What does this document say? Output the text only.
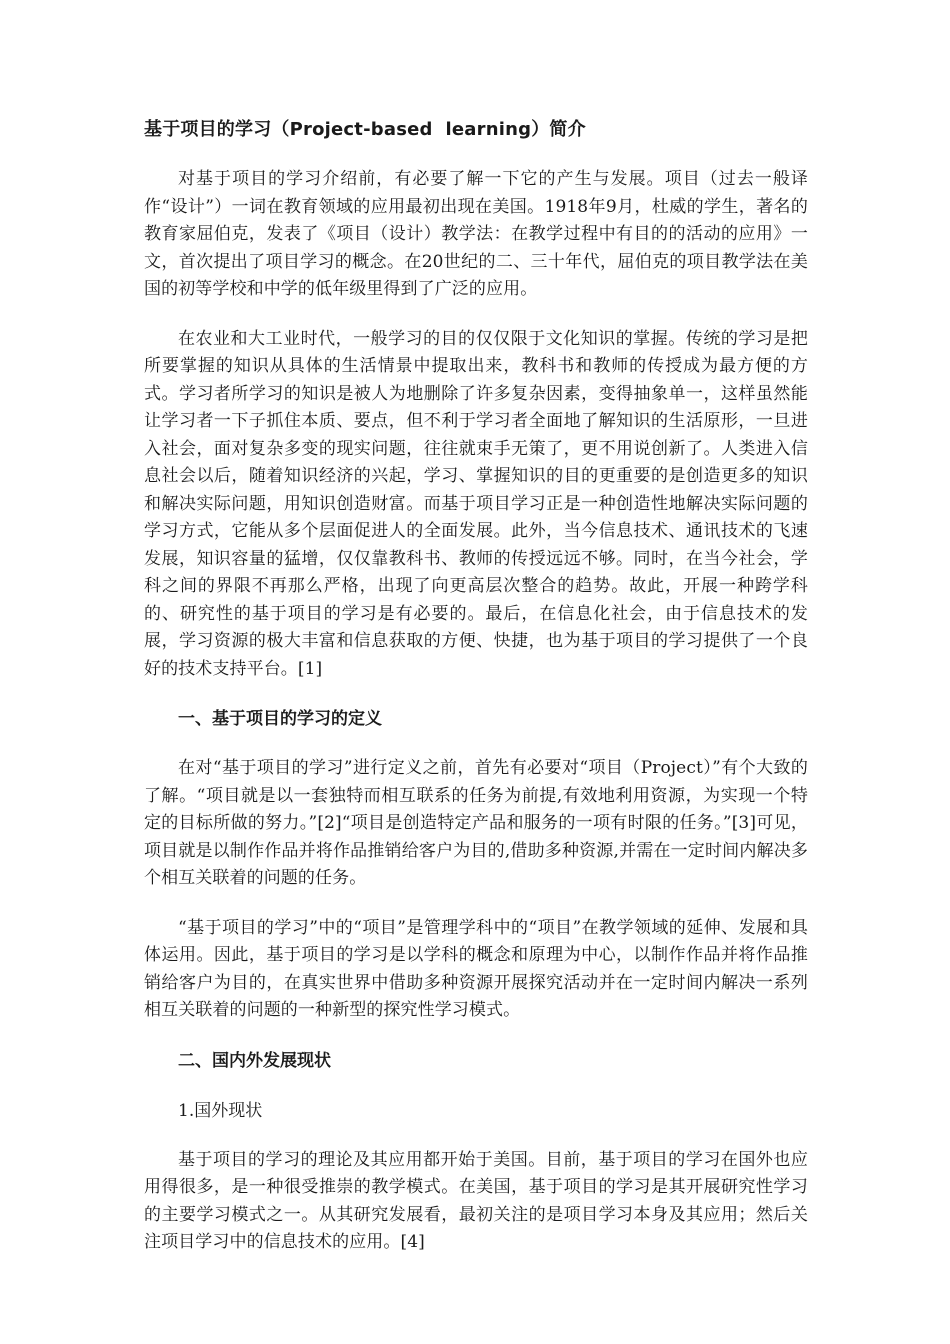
基于项目的学习（Project-based  learning）简介

对基于项目的学习介绍前，有必要了解一下它的产生与发展。项目（过去一般译作“设计”）一词在教育领域的应用最初出现在美国。1918年9月，杜威的学生，著名的教育家屈伯克，发表了《项目（设计）教学法：在教学过程中有目的的活动的应用》一文，首次提出了项目学习的概念。在20世纪的二、三十年代，屈伯克的项目教学法在美国的初等学校和中学的低年级里得到了广泛的应用。

在农业和大工业时代，一般学习的目的仅仅限于文化知识的掌握。传统的学习是把所要掌握的知识从具体的生活情景中提取出来，教科书和教师的传授成为最方便的方式。学习者所学习的知识是被人为地删除了许多复杂因素，变得抽象单一，这样虽然能让学习者一下子抓住本质、要点，但不利于学习者全面地了解知识的生活原形，一旦进入社会，面对复杂多变的现实问题，往往就束手无策了，更不用说创新了。人类进入信息社会以后，随着知识经济的兴起，学习、掌握知识的目的更重要的是创造更多的知识和解决实际问题，用知识创造财富。而基于项目学习正是一种创造性地解决实际问题的学习方式，它能从多个层面促进人的全面发展。此外，当今信息技术、通讯技术的飞速发展，知识容量的猛增，仅仅靠教科书、教师的传授远远不够。同时，在当今社会，学科之间的界限不再那么严格，出现了向更高层次整合的趋势。故此，开展一种跨学科的、研究性的基于项目的学习是有必要的。最后，在信息化社会，由于信息技术的发展，学习资源的极大丰富和信息获取的方便、快捷，也为基于项目的学习提供了一个良好的技术支持平台。[1]

一、基于项目的学习的定义

在对“基于项目的学习”进行定义之前，首先有必要对“项目（Project）”有个大致的了解。“项目就是以一套独特而相互联系的任务为前提,有效地利用资源，为实现一个特定的目标所做的努力。”[2]“项目是创造特定产品和服务的一项有时限的任务。”[3]可见，项目就是以制作作品并将作品推销给客户为目的,借助多种资源,并需在一定时间内解决多个相互关联着的问题的任务。

“基于项目的学习”中的“项目”是管理学科中的“项目”在教学领域的延伸、发展和具体运用。因此，基于项目的学习是以学科的概念和原理为中心，以制作作品并将作品推销给客户为目的，在真实世界中借助多种资源开展探究活动并在一定时间内解决一系列相互关联着的问题的一种新型的探究性学习模式。

二、国内外发展现状
1.国外现状

基于项目的学习的理论及其应用都开始于美国。目前，基于项目的学习在国外也应用得很多，是一种很受推崇的教学模式。在美国，基于项目的学习是其开展研究性学习的主要学习模式之一。从其研究发展看，最初关注的是项目学习本身及其应用；然后关注项目学习中的信息技术的应用。[4]
